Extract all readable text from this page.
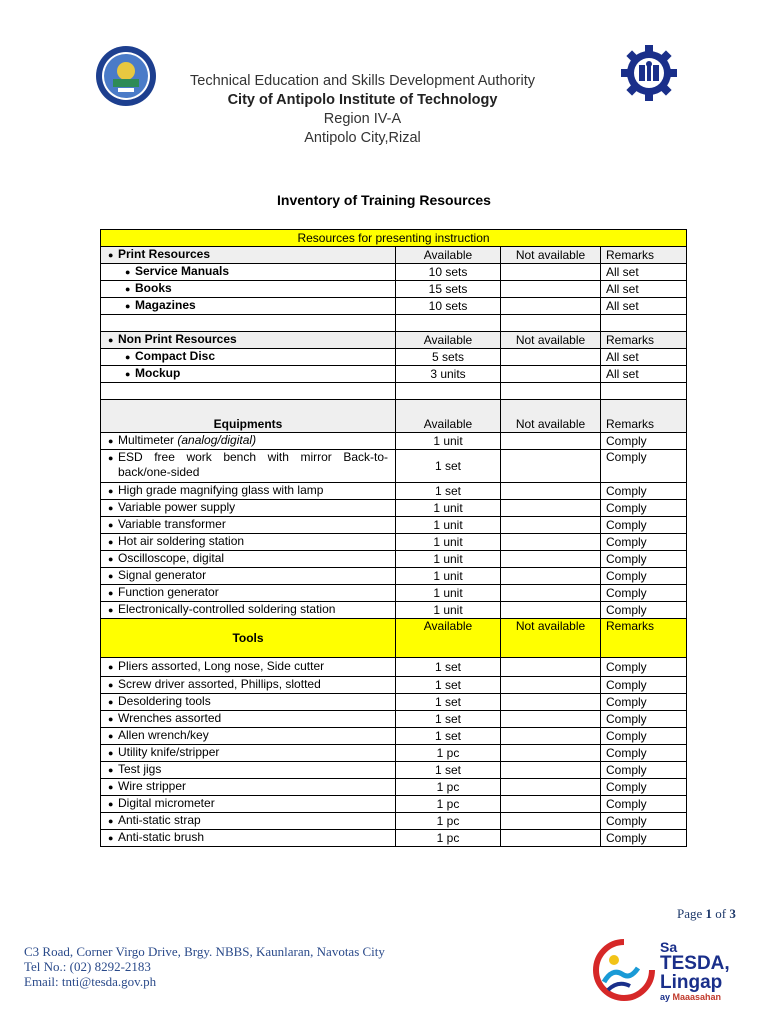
Technical Education and Skills Development Authority
City of Antipolo Institute of Technology
Region IV-A
Antipolo City,Rizal
Inventory of Training Resources
Resources for presenting instruction			
● Print Resources	Available	Not available	Remarks
● Service Manuals	10 sets		All set
● Books	15 sets		All set
● Magazines	10 sets		All set

● Non Print Resources	Available	Not available	Remarks
● Compact Disc	5 sets		All set
● Mockup	3 units		All set

Equipments	Available	Not available	Remarks
● Multimeter (analog/digital)	1 unit		Comply
● ESD free work bench with mirror Back-to-back/one-sided	1 set		Comply
● High grade magnifying glass with lamp	1 set		Comply
● Variable power supply	1 unit		Comply
● Variable transformer	1 unit		Comply
● Hot air soldering station	1 unit		Comply
● Oscilloscope, digital	1 unit		Comply
● Signal generator	1 unit		Comply
● Function generator	1 unit		Comply
● Electronically-controlled soldering station	1 unit		Comply
Tools	Available	Not available	Remarks
● Pliers assorted, Long nose, Side cutter	1 set		Comply
● Screw driver assorted, Phillips, slotted	1 set		Comply
● Desoldering tools	1 set		Comply
● Wrenches assorted	1 set		Comply
● Allen wrench/key	1 set		Comply
● Utility knife/stripper	1 pc		Comply
● Test jigs	1 set		Comply
● Wire stripper	1 pc		Comply
● Digital micrometer	1 pc		Comply
● Anti-static strap	1 pc		Comply
● Anti-static brush	1 pc		Comply
Page 1 of 3
C3 Road, Corner Virgo Drive, Brgy. NBBS, Kaunlaran, Navotas City
Tel No.: (02) 8292-2183
Email: tnti@tesda.gov.ph
Sa
TESDA,
Lingap
ay Maaasahan
